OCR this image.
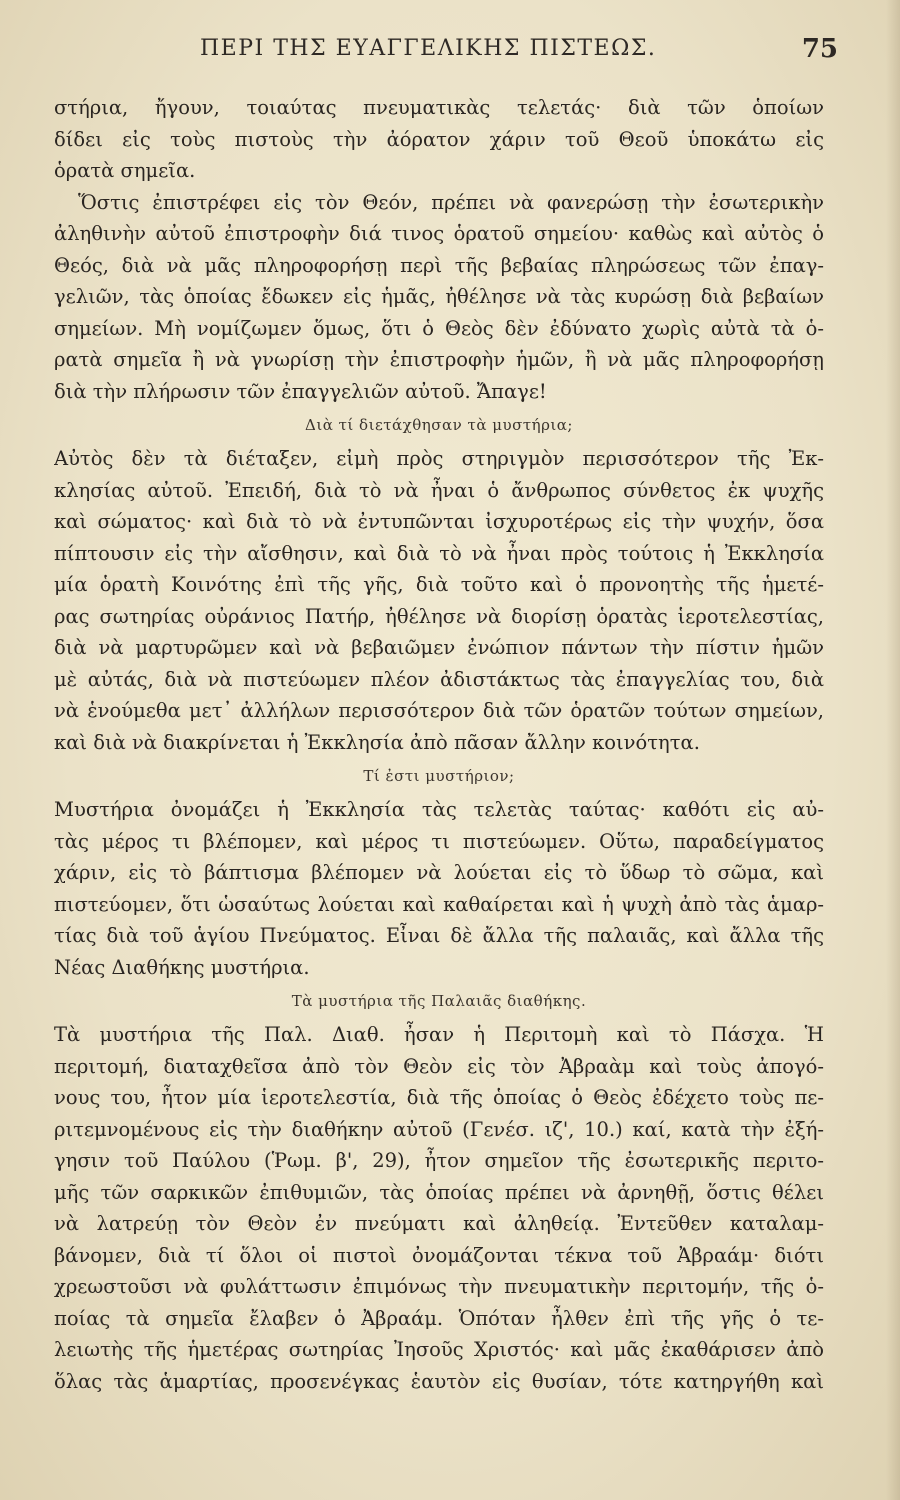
ΠΕΡΙ ΤΗΣ ΕΥΑΓΓΕΛΙΚΗΣ ΠΙΣΤΕΩΣ.	75
στήρια, ἤγουν, τοιαύτας πνευματικὰς τελετάς· διὰ τῶν ὁποίων
δίδει εἰς τοὺς πιστοὺς τὴν ἀόρατον χάριν τοῦ Θεοῦ ὑποκάτω εἰς
ὁρατὰ σημεῖα.
Ὅστις ἐπιστρέφει εἰς τὸν Θεόν, πρέπει νὰ φανερώσῃ τὴν ἐσωτερικὴν
ἀληθινὴν αὐτοῦ ἐπιστροφὴν διά τινος ὁρατοῦ σημείου· καθὼς καὶ αὐτὸς ὁ
Θεός, διὰ νὰ μᾶς πληροφορήσῃ περὶ τῆς βεβαίας πληρώσεως τῶν ἐπαγ-
γελιῶν, τὰς ὁποίας ἔδωκεν εἰς ἡμᾶς, ἠθέλησε νὰ τὰς κυρώσῃ διὰ βεβαίων
σημείων. Μὴ νομίζωμεν ὅμως, ὅτι ὁ Θεὸς δὲν ἐδύνατο χωρὶς αὐτὰ τὰ ὁ-
ρατὰ σημεῖα ἢ νὰ γνωρίσῃ τὴν ἐπιστροφὴν ἡμῶν, ἢ νὰ μᾶς πληροφορήσῃ
διὰ τὴν πλήρωσιν τῶν ἐπαγγελιῶν αὐτοῦ. Ἄπαγε!
Διὰ τί διετάχθησαν τὰ μυστήρια;
Αὐτὸς δὲν τὰ διέταξεν, εἰμὴ πρὸς στηριγμὸν περισσότερον τῆς Ἐκ-
κλησίας αὐτοῦ. Ἐπειδή, διὰ τὸ νὰ ἦναι ὁ ἄνθρωπος σύνθετος ἐκ ψυχῆς
καὶ σώματος· καὶ διὰ τὸ νὰ ἐντυπῶνται ἰσχυροτέρως εἰς τὴν ψυχήν, ὅσα
πίπτουσιν εἰς τὴν αἴσθησιν, καὶ διὰ τὸ νὰ ἦναι πρὸς τούτοις ἡ Ἐκκλησία
μία ὁρατὴ Κοινότης ἐπὶ τῆς γῆς, διὰ τοῦτο καὶ ὁ προνοητὴς τῆς ἡμετέ-
ρας σωτηρίας οὐράνιος Πατήρ, ἠθέλησε νὰ διορίσῃ ὁρατὰς ἱεροτελεστίας,
διὰ νὰ μαρτυρῶμεν καὶ νὰ βεβαιῶμεν ἐνώπιον πάντων τὴν πίστιν ἡμῶν
μὲ αὐτάς, διὰ νὰ πιστεύωμεν πλέον ἀδιστάκτως τὰς ἐπαγγελίας του, διὰ
νὰ ἑνούμεθα μετ᾽ ἀλλήλων περισσότερον διὰ τῶν ὁρατῶν τούτων σημείων,
καὶ διὰ νὰ διακρίνεται ἡ Ἐκκλησία ἀπὸ πᾶσαν ἄλλην κοινότητα.
Τί ἐστι μυστήριον;
Μυστήρια ὀνομάζει ἡ Ἐκκλησία τὰς τελετὰς ταύτας· καθότι εἰς αὐ-
τὰς μέρος τι βλέπομεν, καὶ μέρος τι πιστεύωμεν. Οὕτω, παραδείγματος
χάριν, εἰς τὸ βάπτισμα βλέπομεν νὰ λούεται εἰς τὸ ὕδωρ τὸ σῶμα, καὶ
πιστεύομεν, ὅτι ὡσαύτως λούεται καὶ καθαίρεται καὶ ἡ ψυχὴ ἀπὸ τὰς ἁμαρ-
τίας διὰ τοῦ ἁγίου Πνεύματος. Εἶναι δὲ ἄλλα τῆς παλαιᾶς, καὶ ἄλλα τῆς
Νέας Διαθήκης μυστήρια.
Τὰ μυστήρια τῆς Παλαιᾶς διαθήκης.
Τὰ μυστήρια τῆς Παλ. Διαθ. ἦσαν ἡ Περιτομὴ καὶ τὸ Πάσχα. Ἡ
περιτομή, διαταχθεῖσα ἀπὸ τὸν Θεὸν εἰς τὸν Ἀβραὰμ καὶ τοὺς ἀπογό-
νους του, ἦτον μία ἱεροτελεστία, διὰ τῆς ὁποίας ὁ Θεὸς ἐδέχετο τοὺς πε-
ριτεμνομένους εἰς τὴν διαθήκην αὐτοῦ (Γενέσ. ιζ', 10.) καί, κατὰ τὴν ἐξή-
γησιν τοῦ Παύλου (Ῥωμ. β', 29), ἦτον σημεῖον τῆς ἐσωτερικῆς περιτο-
μῆς τῶν σαρκικῶν ἐπιθυμιῶν, τὰς ὁποίας πρέπει νὰ ἀρνηθῇ, ὅστις θέλει
νὰ λατρεύῃ τὸν Θεὸν ἐν πνεύματι καὶ ἀληθείᾳ. Ἐντεῦθεν καταλαμ-
βάνομεν, διὰ τί ὅλοι οἱ πιστοὶ ὀνομάζονται τέκνα τοῦ Ἀβραάμ· διότι
χρεωστοῦσι νὰ φυλάττωσιν ἐπιμόνως τὴν πνευματικὴν περιτομήν, τῆς ὁ-
ποίας τὰ σημεῖα ἔλαβεν ὁ Ἀβραάμ. Ὁπόταν ἦλθεν ἐπὶ τῆς γῆς ὁ τε-
λειωτὴς τῆς ἡμετέρας σωτηρίας Ἰησοῦς Χριστός· καὶ μᾶς ἐκαθάρισεν ἀπὸ
ὅλας τὰς ἁμαρτίας, προσενέγκας ἑαυτὸν εἰς θυσίαν, τότε κατηργήθη καὶ
